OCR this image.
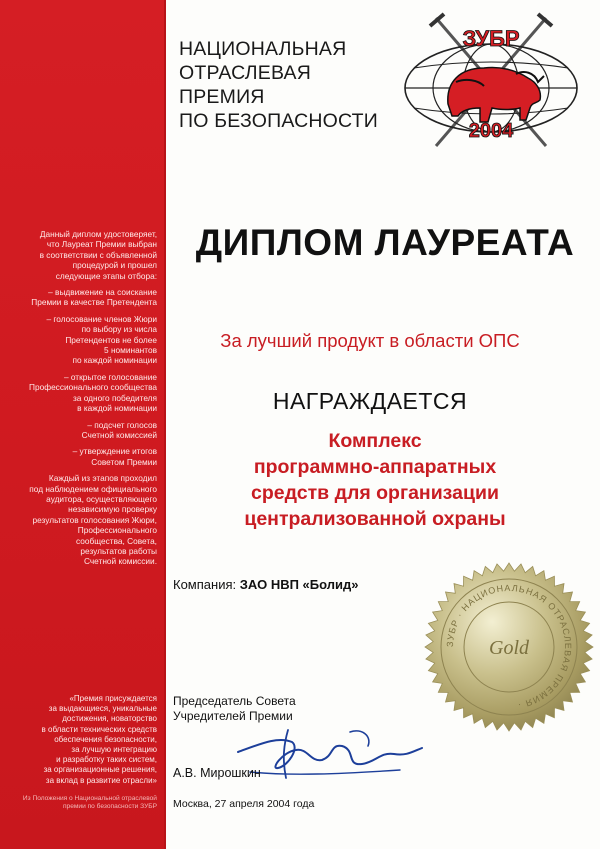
Данный диплом удостоверяет,
что Лауреат Премии выбран
в соответствии с объявленной
процедурой и прошел
следующие этапы отбора:

– выдвижение на соискание
Премии в качестве Претендента

– голосование членов Жюри
по выбору из числа
Претендентов не более
5 номинантов
по каждой номинации

– открытое голосование
Профессионального сообщества
за одного победителя
в каждой номинации

– подсчет голосов
Счетной комиссией

– утверждение итогов
Советом Премии

Каждый из этапов проходил
под наблюдением официального
аудитора, осуществляющего
независимую проверку
результатов голосования Жюри,
Профессионального
сообщества, Совета,
результатов работы
Счетной комиссии.

«Премия присуждается
за выдающиеся, уникальные
достижения, новаторство
в области технических средств
обеспечения безопасности,
за лучшую интеграцию
и разработку таких систем,
за организационные решения,
за вклад в развитие отрасли»

Из Положения о Национальной отраслевой
премии по безопасности ЗУБР
НАЦИОНАЛЬНАЯ
ОТРАСЛЕВАЯ
ПРЕМИЯ
ПО БЕЗОПАСНОСТИ
ЗУБР
2004
ДИПЛОМ ЛАУРЕАТА
За лучший продукт в области ОПС
НАГРАЖДАЕТСЯ
Комплекс
программно-аппаратных
средств для организации
централизованной охраны
Компания: ЗАО НВП «Болид»
ЗУБР · НАЦИОНАЛЬНАЯ ОТРАСЛЕВАЯ ПРЕМИЯ ·
Gold
Председатель Совета
Учредителей Премии
А.В. Мирошкин
Москва, 27 апреля 2004 года
